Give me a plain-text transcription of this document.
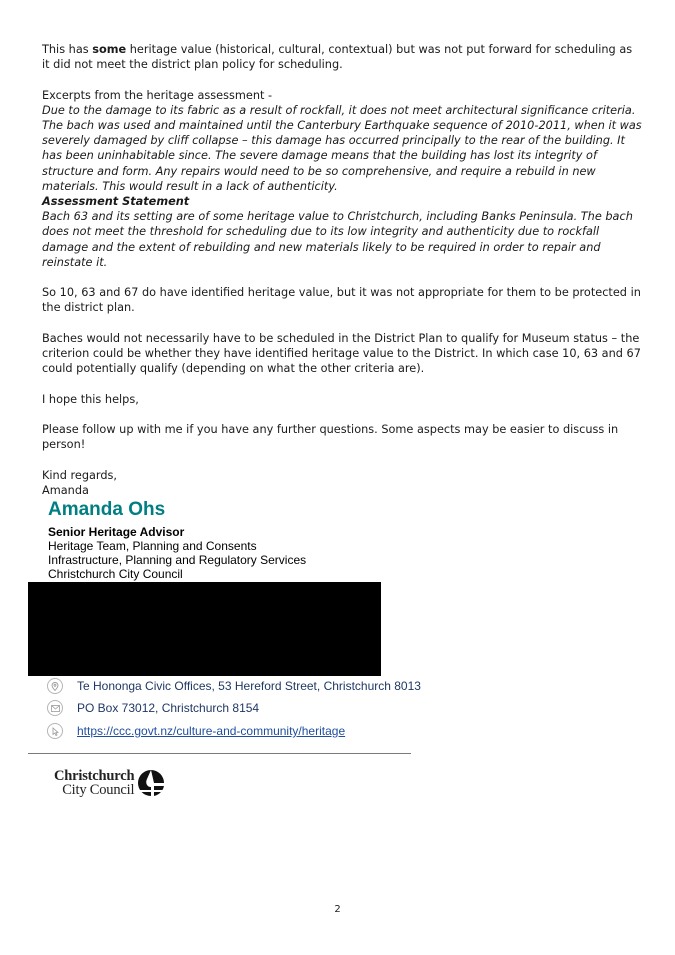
This has some heritage value (historical, cultural, contextual) but was not put forward for scheduling as it did not meet the district plan policy for scheduling.

Excerpts from the heritage assessment -

Due to the damage to its fabric as a result of rockfall, it does not meet architectural significance criteria. The bach was used and maintained until the Canterbury Earthquake sequence of 2010-2011, when it was severely damaged by cliff collapse – this damage has occurred principally to the rear of the building. It has been uninhabitable since. The severe damage means that the building has lost its integrity of structure and form. Any repairs would need to be so comprehensive, and require a rebuild in new materials. This would result in a lack of authenticity.

Assessment Statement

Bach 63 and its setting are of some heritage value to Christchurch, including Banks Peninsula. The bach does not meet the threshold for scheduling due to its low integrity and authenticity due to rockfall damage and the extent of rebuilding and new materials likely to be required in order to repair and reinstate it.

So 10, 63 and 67 do have identified heritage value, but it was not appropriate for them to be protected in the district plan.

Baches would not necessarily have to be scheduled in the District Plan to qualify for Museum status – the criterion could be whether they have identified heritage value to the District. In which case 10, 63 and 67 could potentially qualify (depending on what the other criteria are).

I hope this helps,

Please follow up with me if you have any further questions. Some aspects may be easier to discuss in person!

Kind regards,

Amanda

Amanda Ohs
Senior Heritage Advisor
Heritage Team, Planning and Consents
Infrastructure, Planning and Regulatory Services
Christchurch City Council
Te Hononga Civic Offices, 53 Hereford Street, Christchurch 8013
PO Box 73012, Christchurch 8154
https://ccc.govt.nz/culture-and-community/heritage
Christchurch
City Council
2
